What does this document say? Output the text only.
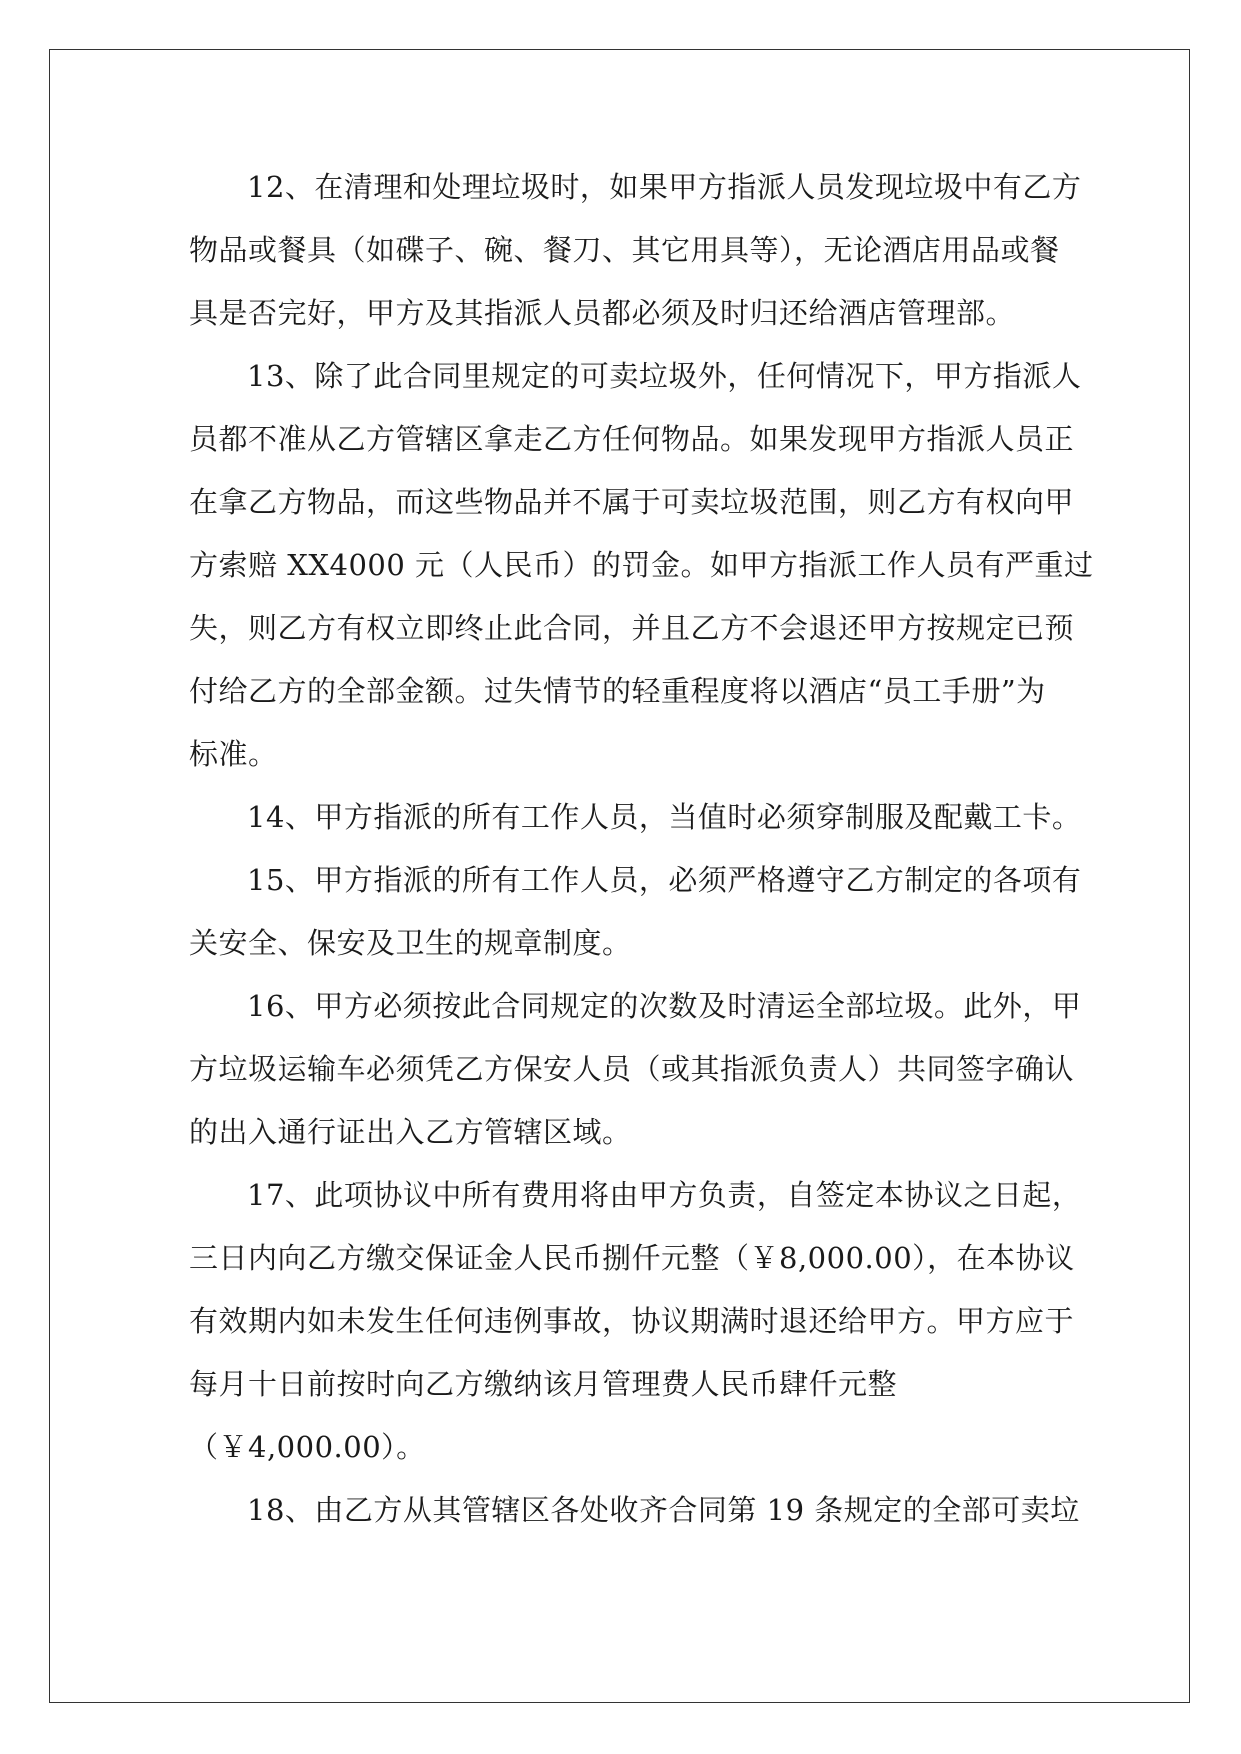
12、在清理和处理垃圾时，如果甲方指派人员发现垃圾中有乙方
物品或餐具（如碟子、碗、餐刀、其它用具等），无论酒店用品或餐
具是否完好，甲方及其指派人员都必须及时归还给酒店管理部。
13、除了此合同里规定的可卖垃圾外，任何情况下，甲方指派人
员都不准从乙方管辖区拿走乙方任何物品。如果发现甲方指派人员正
在拿乙方物品，而这些物品并不属于可卖垃圾范围，则乙方有权向甲
方索赔 XX4000 元（人民币）的罚金。如甲方指派工作人员有严重过
失，则乙方有权立即终止此合同，并且乙方不会退还甲方按规定已预
付给乙方的全部金额。过失情节的轻重程度将以酒店“员工手册”为
标准。
14、甲方指派的所有工作人员，当值时必须穿制服及配戴工卡。
15、甲方指派的所有工作人员，必须严格遵守乙方制定的各项有
关安全、保安及卫生的规章制度。
16、甲方必须按此合同规定的次数及时清运全部垃圾。此外，甲
方垃圾运输车必须凭乙方保安人员（或其指派负责人）共同签字确认
的出入通行证出入乙方管辖区域。
17、此项协议中所有费用将由甲方负责，自签定本协议之日起，
三日内向乙方缴交保证金人民币捌仟元整（￥8,000.00），在本协议
有效期内如未发生任何违例事故，协议期满时退还给甲方。甲方应于
每月十日前按时向乙方缴纳该月管理费人民币肆仟元整
（￥4,000.00）。
18、由乙方从其管辖区各处收齐合同第 19 条规定的全部可卖垃
